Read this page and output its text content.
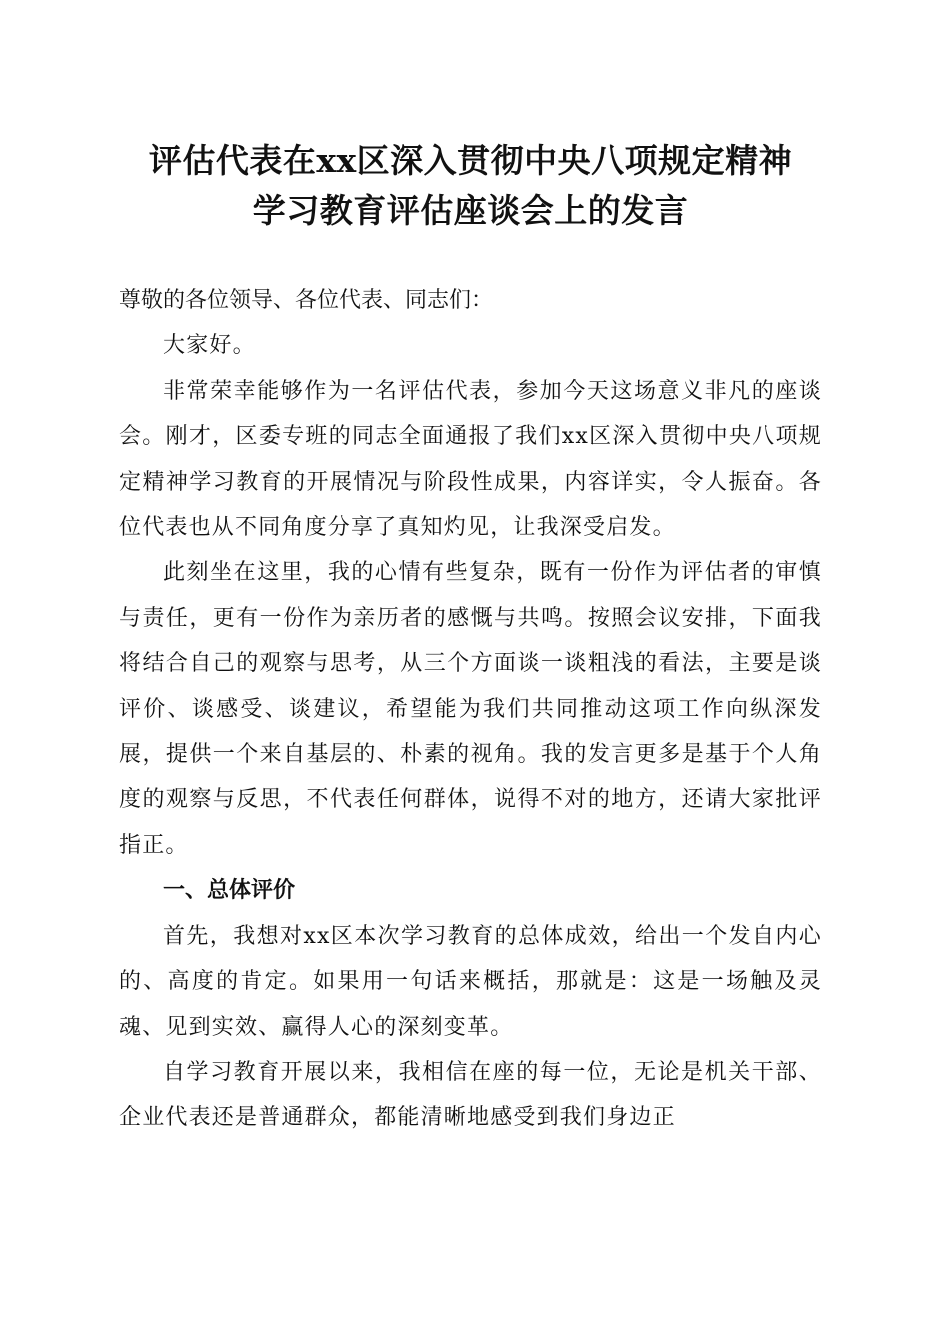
评估代表在xx区深入贯彻中央八项规定精神
学习教育评估座谈会上的发言
尊敬的各位领导、各位代表、同志们：

大家好。

非常荣幸能够作为一名评估代表，参加今天这场意义非凡的座谈会。刚才，区委专班的同志全面通报了我们xx区深入贯彻中央八项规定精神学习教育的开展情况与阶段性成果，内容详实，令人振奋。各位代表也从不同角度分享了真知灼见，让我深受启发。

此刻坐在这里，我的心情有些复杂，既有一份作为评估者的审慎与责任，更有一份作为亲历者的感慨与共鸣。按照会议安排，下面我将结合自己的观察与思考，从三个方面谈一谈粗浅的看法，主要是谈评价、谈感受、谈建议，希望能为我们共同推动这项工作向纵深发展，提供一个来自基层的、朴素的视角。我的发言更多是基于个人角度的观察与反思，不代表任何群体，说得不对的地方，还请大家批评指正。

一、总体评价

首先，我想对xx区本次学习教育的总体成效，给出一个发自内心的、高度的肯定。如果用一句话来概括，那就是：这是一场触及灵魂、见到实效、赢得人心的深刻变革。

自学习教育开展以来，我相信在座的每一位，无论是机关干部、企业代表还是普通群众，都能清晰地感受到我们身边正
